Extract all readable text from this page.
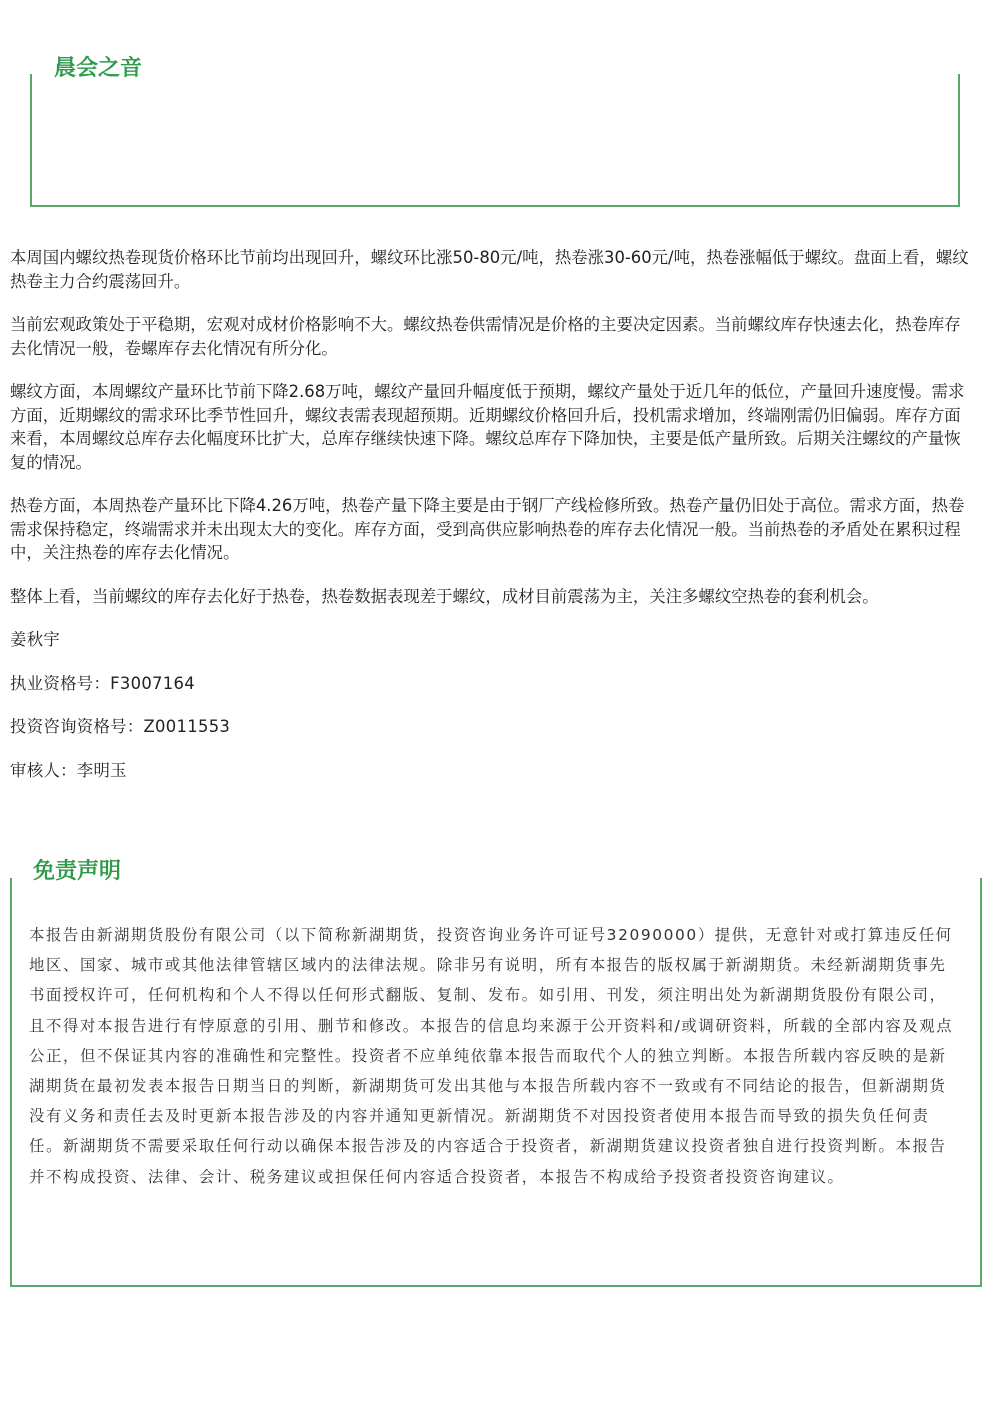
晨会之音

本周国内螺纹热卷现货价格环比节前均出现回升，螺纹环比涨50-80元/吨，热卷涨30-60元/吨，热卷涨幅低于螺纹。盘面上看，螺纹热卷主力合约震荡回升。

当前宏观政策处于平稳期，宏观对成材价格影响不大。螺纹热卷供需情况是价格的主要决定因素。当前螺纹库存快速去化，热卷库存去化情况一般，卷螺库存去化情况有所分化。

螺纹方面，本周螺纹产量环比节前下降2.68万吨，螺纹产量回升幅度低于预期，螺纹产量处于近几年的低位，产量回升速度慢。需求方面，近期螺纹的需求环比季节性回升，螺纹表需表现超预期。近期螺纹价格回升后，投机需求增加，终端刚需仍旧偏弱。库存方面来看，本周螺纹总库存去化幅度环比扩大，总库存继续快速下降。螺纹总库存下降加快，主要是低产量所致。后期关注螺纹的产量恢复的情况。

热卷方面，本周热卷产量环比下降4.26万吨，热卷产量下降主要是由于钢厂产线检修所致。热卷产量仍旧处于高位。需求方面，热卷需求保持稳定，终端需求并未出现太大的变化。库存方面，受到高供应影响热卷的库存去化情况一般。当前热卷的矛盾处在累积过程中，关注热卷的库存去化情况。

整体上看，当前螺纹的库存去化好于热卷，热卷数据表现差于螺纹，成材目前震荡为主，关注多螺纹空热卷的套利机会。

姜秋宇

执业资格号：F3007164

投资咨询资格号：Z0011553

审核人：李明玉

免责声明
本报告由新湖期货股份有限公司（以下简称新湖期货，投资咨询业务许可证号32090000）提供，无意针对或打算违反任何地区、国家、城市或其他法律管辖区域内的法律法规。除非另有说明，所有本报告的版权属于新湖期货。未经新湖期货事先书面授权许可，任何机构和个人不得以任何形式翻版、复制、发布。如引用、刊发，须注明出处为新湖期货股份有限公司，且不得对本报告进行有悖原意的引用、删节和修改。本报告的信息均来源于公开资料和/或调研资料，所载的全部内容及观点公正，但不保证其内容的准确性和完整性。投资者不应单纯依靠本报告而取代个人的独立判断。本报告所载内容反映的是新湖期货在最初发表本报告日期当日的判断，新湖期货可发出其他与本报告所载内容不一致或有不同结论的报告，但新湖期货没有义务和责任去及时更新本报告涉及的内容并通知更新情况。新湖期货不对因投资者使用本报告而导致的损失负任何责任。新湖期货不需要采取任何行动以确保本报告涉及的内容适合于投资者，新湖期货建议投资者独自进行投资判断。本报告并不构成投资、法律、会计、税务建议或担保任何内容适合投资者，本报告不构成给予投资者投资咨询建议。
